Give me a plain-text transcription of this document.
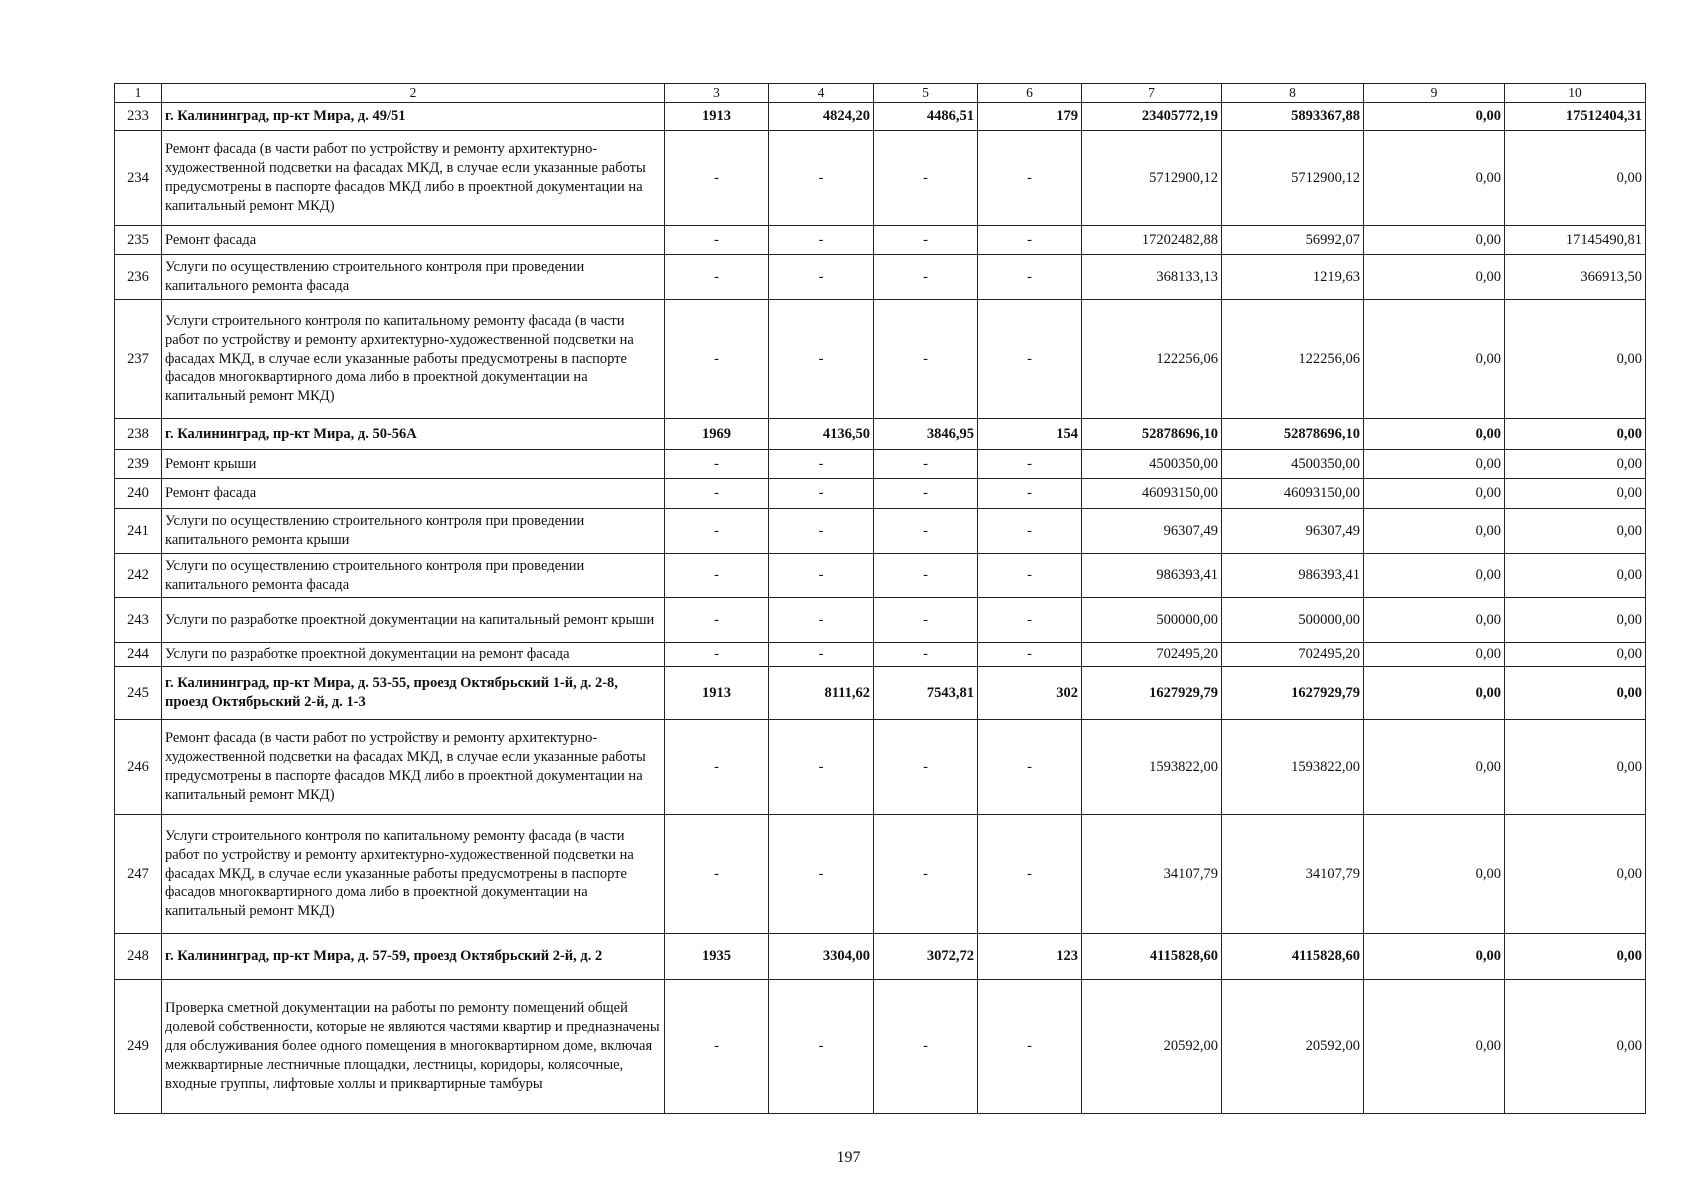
1	2	3	4	5	6	7	8	9	10
233	г. Калининград, пр-кт Мира, д. 49/51	1913	4824,20	4486,51	179	23405772,19	5893367,88	0,00	17512404,31
234	Ремонт фасада (в части работ по устройству и ремонту архитектурно-художественной подсветки на фасадах МКД, в случае если указанные работы предусмотрены в паспорте фасадов МКД либо в проектной документации на капитальный ремонт МКД)	-	-	-	-	5712900,12	5712900,12	0,00	0,00
235	Ремонт фасада	-	-	-	-	17202482,88	56992,07	0,00	17145490,81
236	Услуги по осуществлению строительного контроля при проведении капитального ремонта фасада	-	-	-	-	368133,13	1219,63	0,00	366913,50
237	Услуги строительного контроля по капитальному ремонту фасада (в части работ по устройству и ремонту архитектурно-художественной подсветки на фасадах МКД, в случае если указанные работы предусмотрены в паспорте фасадов многоквартирного дома либо в проектной документации на капитальный ремонт МКД)	-	-	-	-	122256,06	122256,06	0,00	0,00
238	г. Калининград, пр-кт Мира, д. 50-56А	1969	4136,50	3846,95	154	52878696,10	52878696,10	0,00	0,00
239	Ремонт крыши	-	-	-	-	4500350,00	4500350,00	0,00	0,00
240	Ремонт фасада	-	-	-	-	46093150,00	46093150,00	0,00	0,00
241	Услуги по осуществлению строительного контроля при проведении капитального ремонта крыши	-	-	-	-	96307,49	96307,49	0,00	0,00
242	Услуги по осуществлению строительного контроля при проведении капитального ремонта фасада	-	-	-	-	986393,41	986393,41	0,00	0,00
243	Услуги по разработке проектной документации на капитальный ремонт крыши	-	-	-	-	500000,00	500000,00	0,00	0,00
244	Услуги по разработке проектной документации на ремонт фасада	-	-	-	-	702495,20	702495,20	0,00	0,00
245	г. Калининград, пр-кт Мира, д. 53-55, проезд Октябрьский 1-й, д. 2-8, проезд Октябрьский 2-й, д. 1-3	1913	8111,62	7543,81	302	1627929,79	1627929,79	0,00	0,00
246	Ремонт фасада (в части работ по устройству и ремонту архитектурно-художественной подсветки на фасадах МКД, в случае если указанные работы предусмотрены в паспорте фасадов МКД либо в проектной документации на капитальный ремонт МКД)	-	-	-	-	1593822,00	1593822,00	0,00	0,00
247	Услуги строительного контроля по капитальному ремонту фасада (в части работ по устройству и ремонту архитектурно-художественной подсветки на фасадах МКД, в случае если указанные работы предусмотрены в паспорте фасадов многоквартирного дома либо в проектной документации на капитальный ремонт МКД)	-	-	-	-	34107,79	34107,79	0,00	0,00
248	г. Калининград, пр-кт Мира, д. 57-59, проезд Октябрьский 2-й, д. 2	1935	3304,00	3072,72	123	4115828,60	4115828,60	0,00	0,00
249	Проверка сметной документации на работы по ремонту помещений общей долевой собственности, которые не являются частями квартир и предназначены для обслуживания более одного помещения в многоквартирном доме, включая межквартирные лестничные площадки, лестницы, коридоры, колясочные, входные группы, лифтовые холлы и приквартирные тамбуры	-	-	-	-	20592,00	20592,00	0,00	0,00
197
